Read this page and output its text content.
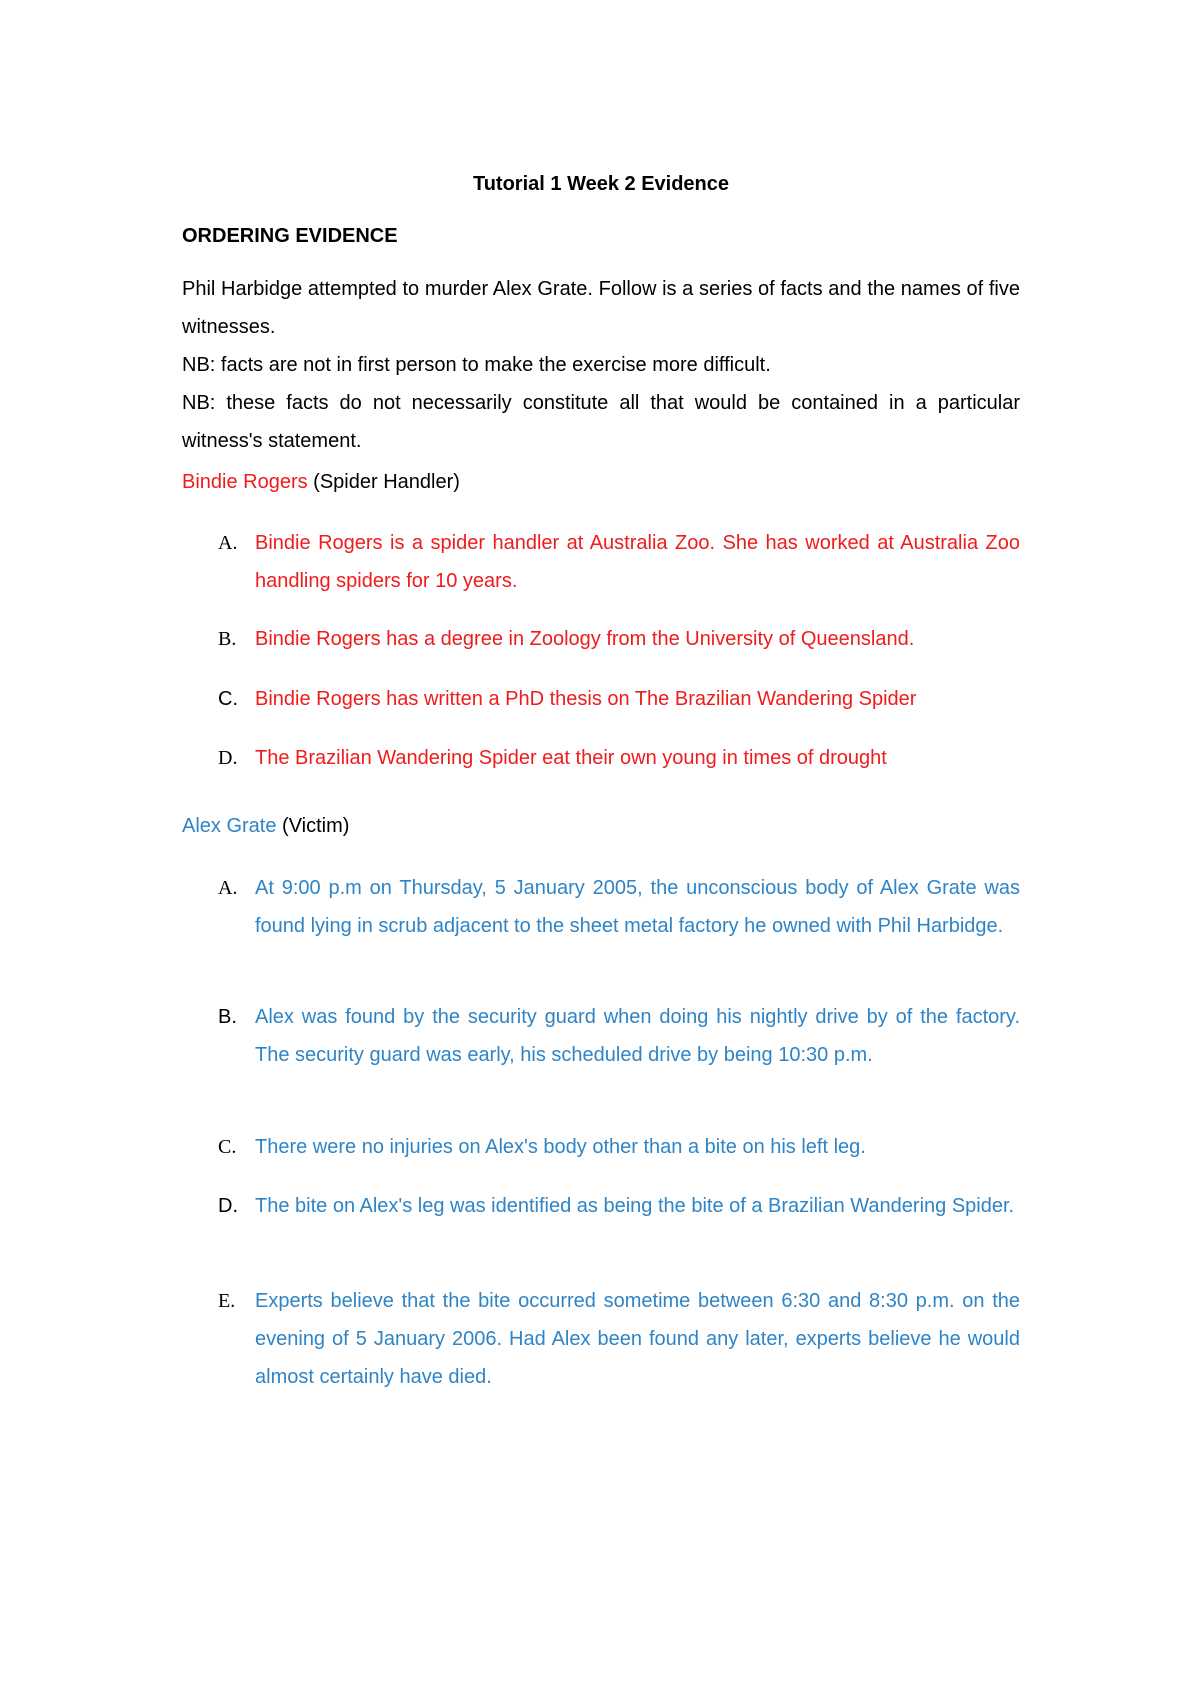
Tutorial 1 Week 2 Evidence
ORDERING EVIDENCE

Phil Harbidge attempted to murder Alex Grate. Follow is a series of facts and the names of five witnesses.

NB: facts are not in first person to make the exercise more difficult.

NB: these facts do not necessarily constitute all that would be contained in a particular witness's statement.

Bindie Rogers (Spider Handler)
A. Bindie Rogers is a spider handler at Australia Zoo. She has worked at Australia Zoo handling spiders for 10 years.
B. Bindie Rogers has a degree in Zoology from the University of Queensland.
C. Bindie Rogers has written a PhD thesis on The Brazilian Wandering Spider
D. The Brazilian Wandering Spider eat their own young in times of drought
Alex Grate (Victim)
A. At 9:00 p.m on Thursday, 5 January 2005, the unconscious body of Alex Grate was found lying in scrub adjacent to the sheet metal factory he owned with Phil Harbidge.
B. Alex was found by the security guard when doing his nightly drive by of the factory. The security guard was early, his scheduled drive by being 10:30 p.m.
C. There were no injuries on Alex's body other than a bite on his left leg.
D. The bite on Alex's leg was identified as being the bite of a Brazilian Wandering Spider.
E. Experts believe that the bite occurred sometime between 6:30 and 8:30 p.m. on the evening of 5 January 2006. Had Alex been found any later, experts believe he would almost certainly have died.
